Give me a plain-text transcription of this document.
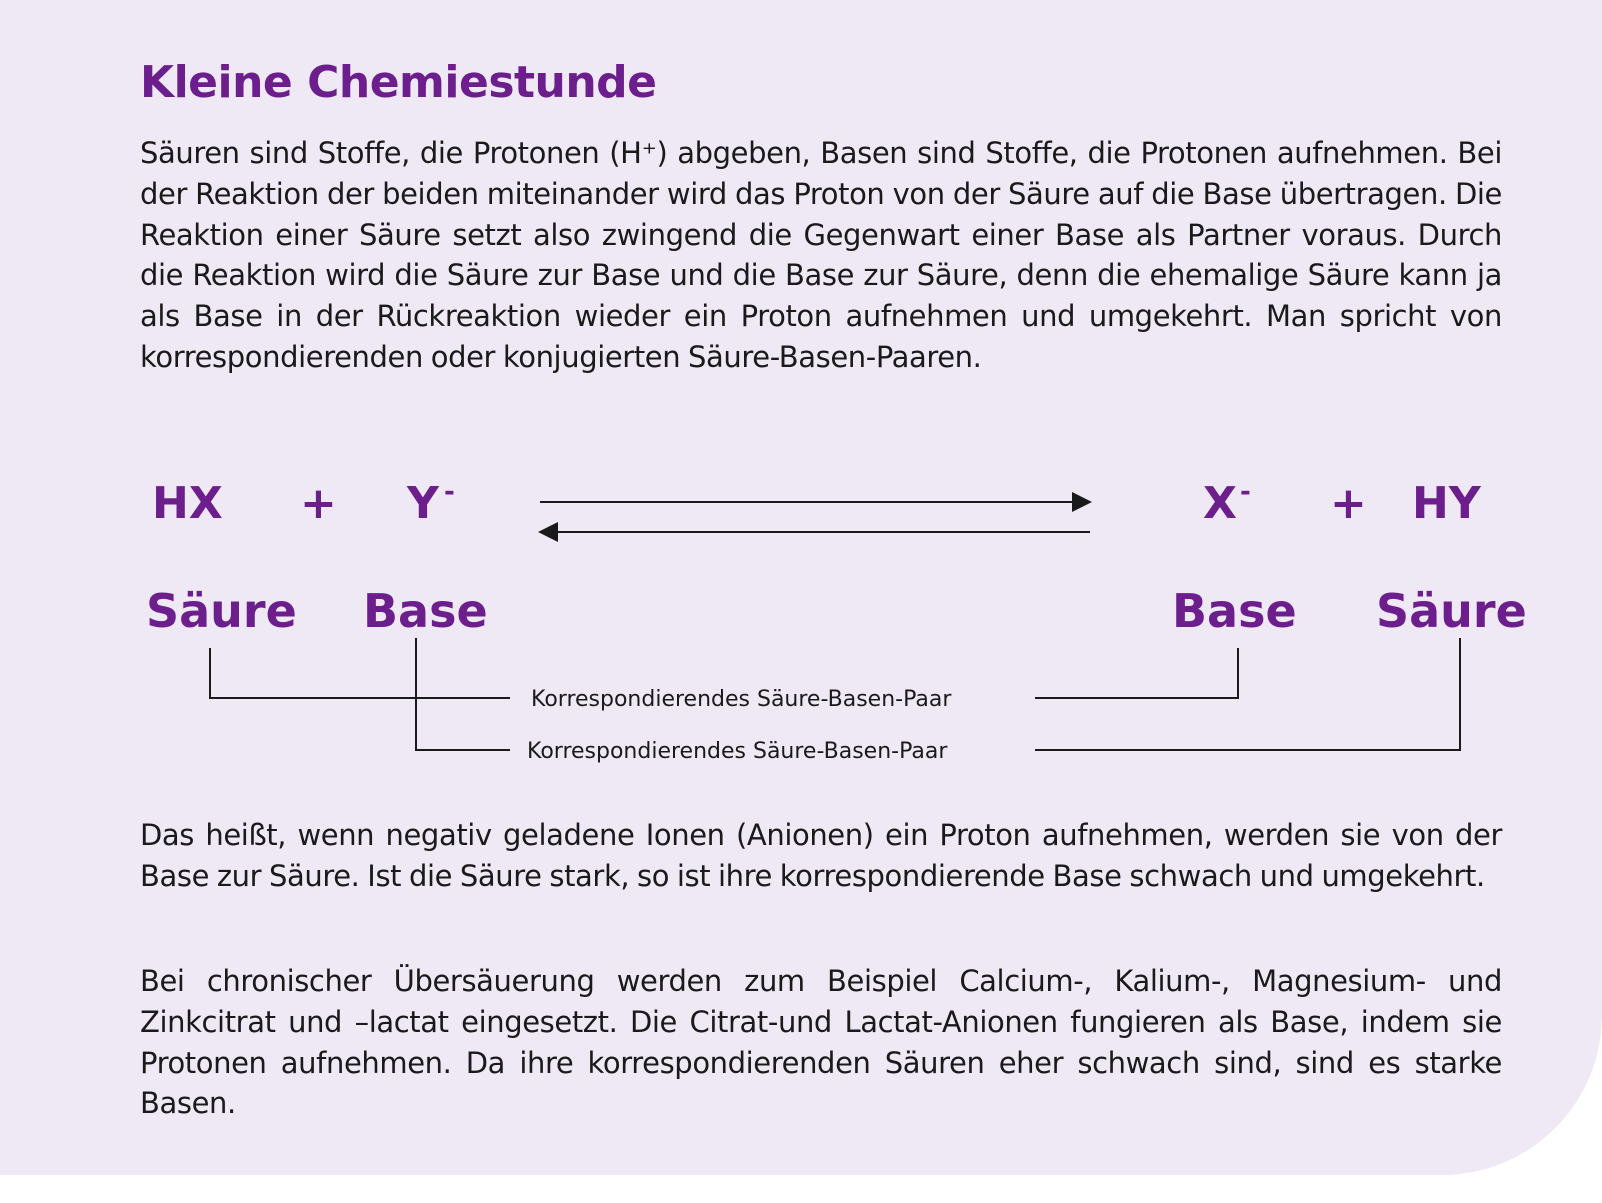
Kleine Chemiestunde

Säuren sind Stoffe, die Protonen (H⁺) abgeben, Basen sind Stoffe, die Protonen aufnehmen. Bei der Reaktion der beiden miteinander wird das Proton von der Säure auf die Base übertragen. Die Reaktion einer Säure setzt also zwingend die Gegenwart einer Base als Partner voraus. Durch die Reaktion wird die Säure zur Base und die Base zur Säure, denn die ehemalige Säure kann ja als Base in der Rückreaktion wieder ein Proton aufnehmen und umgekehrt. Man spricht von korrespondierenden oder konjugierten Säure-Basen-Paaren.

HX + Y -	X - + HY
Säure Base	Base Säure
Korrespondierendes Säure-Basen-Paar
Korrespondierendes Säure-Basen-Paar

Das heißt, wenn negativ geladene Ionen (Anionen) ein Proton aufnehmen, werden sie von der Base zur Säure. Ist die Säure stark, so ist ihre korrespondierende Base schwach und umgekehrt.

Bei chronischer Übersäuerung werden zum Beispiel Calcium-, Kalium-, Magnesium- und Zinkcitrat und –lactat eingesetzt. Die Citrat-und Lactat-Anionen fungieren als Base, indem sie Protonen aufnehmen. Da ihre korrespondierenden Säuren eher schwach sind, sind es starke Basen.
